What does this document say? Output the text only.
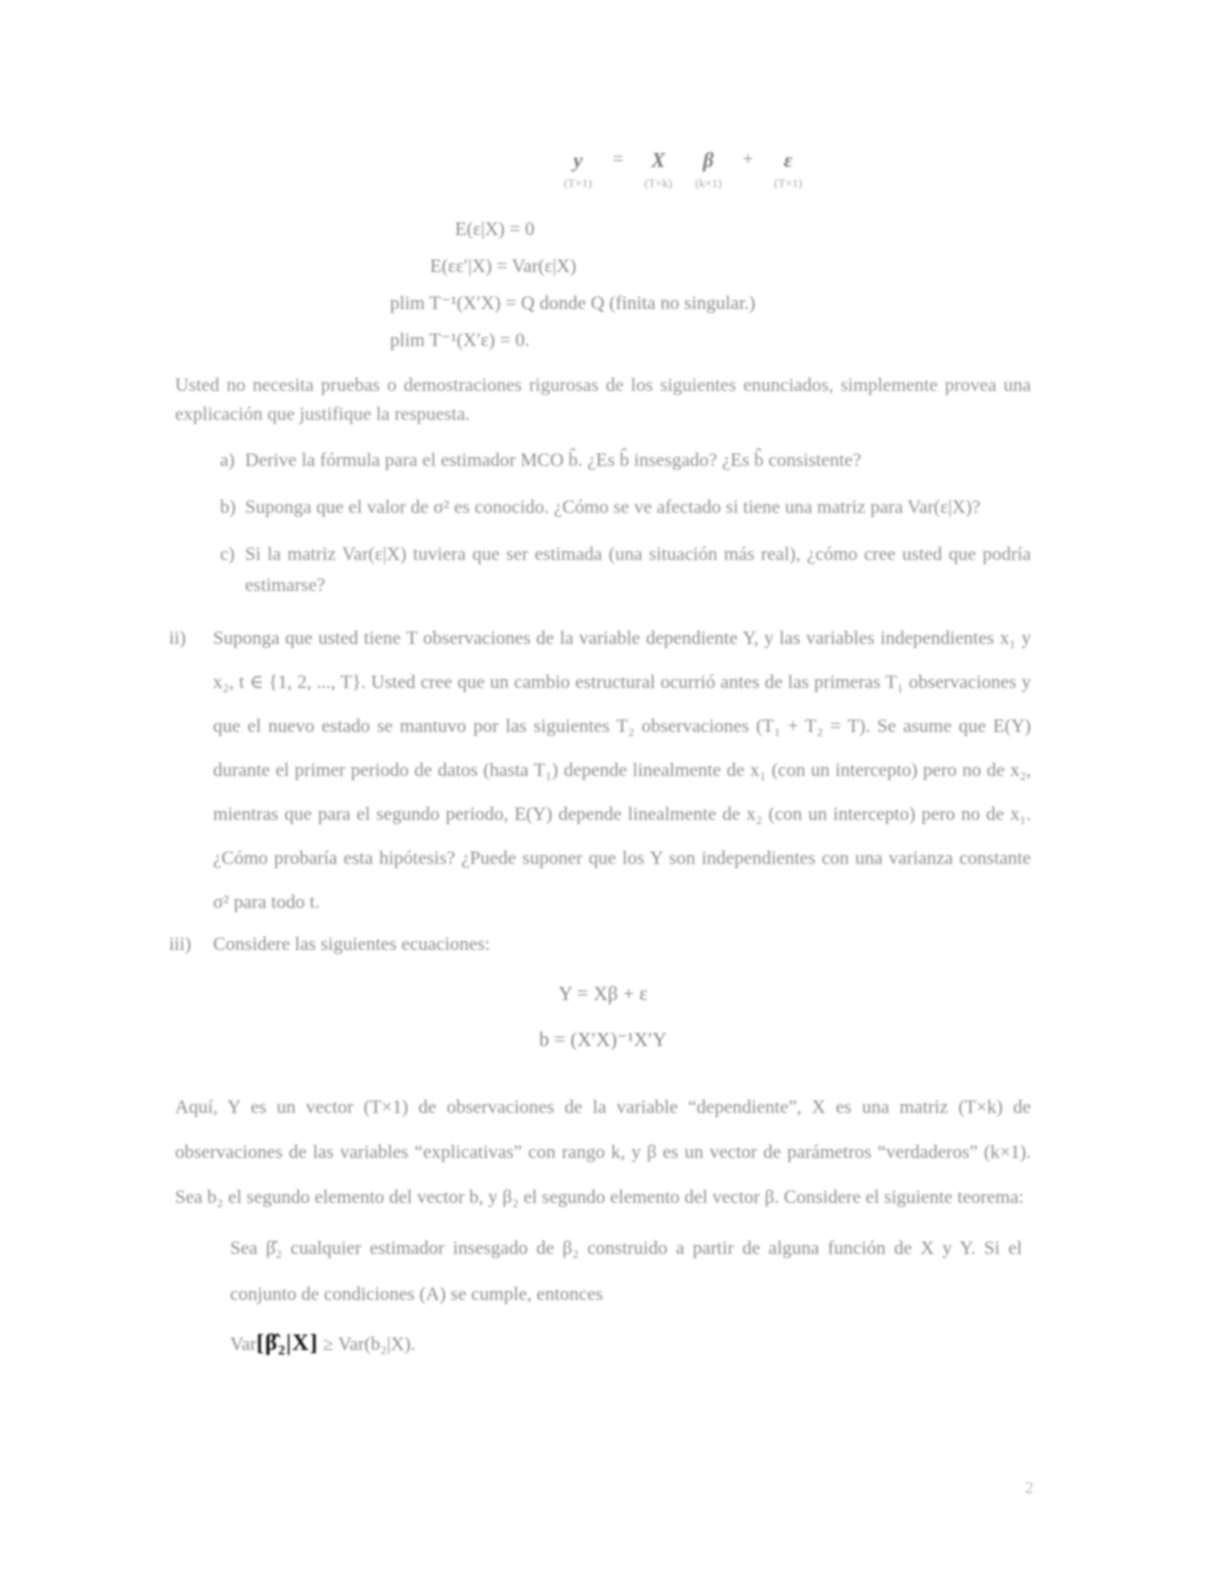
y
(T×1)
= X
(T×k)

β
(k×1)
+ ε
(T×1)
E(ε|X) = 0
E(εε′|X) = Var(ε|X)
plim T⁻¹(X′X) = Q donde Q (finita no singular.)
plim T⁻¹(X′ε) = 0.
Usted no necesita pruebas o demostraciones rigurosas de los siguientes enunciados, simplemente provea una explicación que justifique la respuesta.
a) Derive la fórmula para el estimador MCO b̂. ¿Es b̂ insesgado? ¿Es b̂ consistente?
b) Suponga que el valor de σ² es conocido. ¿Cómo se ve afectado si tiene una matriz para Var(ε|X)?
c) Si la matriz Var(ε|X) tuviera que ser estimada (una situación más real), ¿cómo cree usted que podría estimarse?
ii) Suponga que usted tiene T observaciones de la variable dependiente Y, y las variables independientes x₁ y x₂, t ∈ {1, 2, ..., T}. Usted cree que un cambio estructural ocurrió antes de las primeras T₁ observaciones y que el nuevo estado se mantuvo por las siguientes T₂ observaciones (T₁ + T₂ = T). Se asume que E(Y) durante el primer periodo de datos (hasta T₁) depende linealmente de x₁ (con un intercepto) pero no de x₂, mientras que para el segundo periodo, E(Y) depende linealmente de x₂ (con un intercepto) pero no de x₁. ¿Cómo probaría esta hipótesis? ¿Puede suponer que los Y son independientes con una varianza constante σ² para todo t.
iii) Considere las siguientes ecuaciones:
Y = Xβ + ε
b = (X′X)⁻¹X′Y
Aquí, Y es un vector (T×1) de observaciones de la variable “dependiente”, X es una matriz (T×k) de observaciones de las variables “explicativas” con rango k, y β es un vector de parámetros “verdaderos” (k×1). Sea b₂ el segundo elemento del vector b, y β₂ el segundo elemento del vector β. Considere el siguiente teorema:
Sea β̂₂ cualquier estimador insesgado de β₂ construido a partir de alguna función de X y Y. Si el conjunto de condiciones (A) se cumple, entonces
Var[β̂₂|X] ≥ Var(b₂|X).
2
